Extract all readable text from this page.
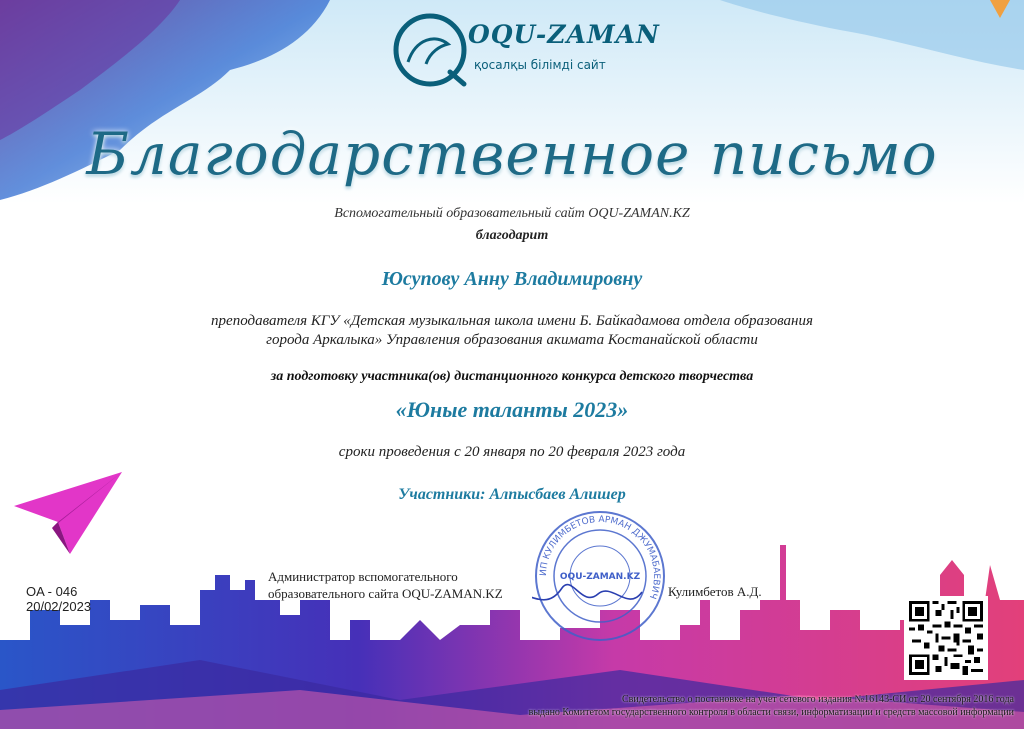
OQU-ZAMAN
қосалқы білімді сайт
Благодарственное письмо
Вспомогательный образовательный сайт OQU-ZAMAN.KZ
благодарит
Юсупову Анну Владимировну
преподавателя КГУ «Детская музыкальная школа имени Б. Байкадамова отдела образования
города Аркалыка» Управления образования акимата Костанайской области
за подготовку участника(ов) дистанционного конкурса детского творчества
«Юные таланты 2023»
сроки проведения с 20 января по 20 февраля 2023 года
Участники: Алпысбаев Алишер
OA - 046
20/02/2023
Администратор вспомогательного
образовательного сайта OQU-ZAMAN.KZ
ИП КУЛИМБЕТОВ АРМАН ДЖУМАБАЕВИЧ
OQU-ZAMAN.KZ
Кулимбетов А.Д.
Свидетельство о постановке на учет сетевого издания №16143-СИ от 20 сентября 2016 года
выдано Комитетом государственного контроля в области связи, информатизации и средств массовой информации
